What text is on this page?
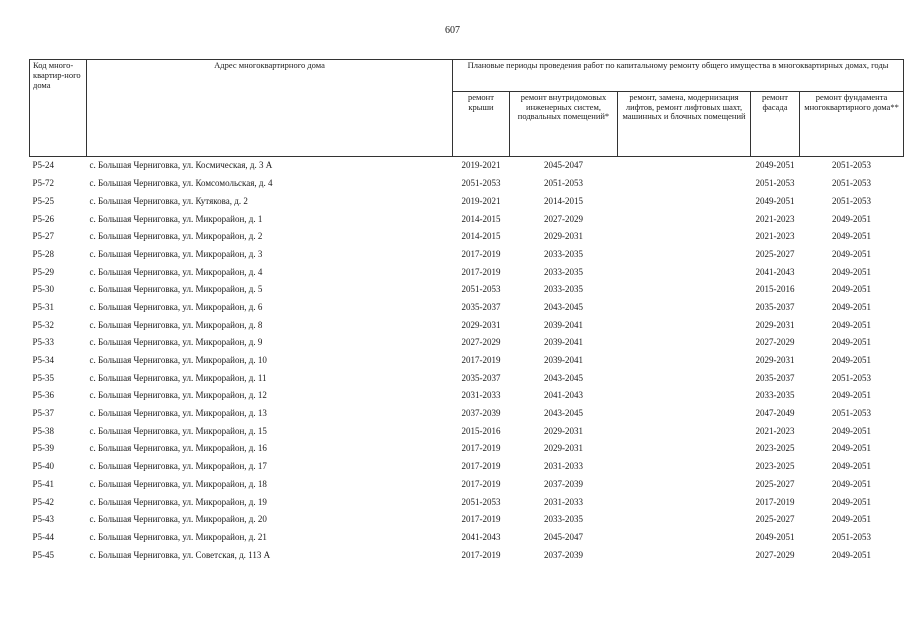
607
Код много-квартир-ного дома	Адрес многоквартирного дома	Плановые периоды проведения работ по капитальному ремонту общего имущества в многоквартирных домах, годы				
		ремонт крыши	ремонт внутридомовых инженерных систем, подвальных помещений*	ремонт, замена, модернизация лифтов, ремонт лифтовых шахт, машинных и блочных помещений	ремонт фасада	ремонт фундамента многоквартирного дома**
P5-24	с. Большая Черниговка, ул. Космическая, д. 3 А	2019-2021	2045-2047		2049-2051	2051-2053
P5-72	с. Большая Черниговка, ул. Комсомольская, д. 4	2051-2053	2051-2053		2051-2053	2051-2053
P5-25	с. Большая Черниговка, ул. Кутякова, д. 2	2019-2021	2014-2015		2049-2051	2051-2053
P5-26	с. Большая Черниговка, ул. Микрорайон, д. 1	2014-2015	2027-2029		2021-2023	2049-2051
P5-27	с. Большая Черниговка, ул. Микрорайон, д. 2	2014-2015	2029-2031		2021-2023	2049-2051
P5-28	с. Большая Черниговка, ул. Микрорайон, д. 3	2017-2019	2033-2035		2025-2027	2049-2051
P5-29	с. Большая Черниговка, ул. Микрорайон, д. 4	2017-2019	2033-2035		2041-2043	2049-2051
P5-30	с. Большая Черниговка, ул. Микрорайон, д. 5	2051-2053	2033-2035		2015-2016	2049-2051
P5-31	с. Большая Черниговка, ул. Микрорайон, д. 6	2035-2037	2043-2045		2035-2037	2049-2051
P5-32	с. Большая Черниговка, ул. Микрорайон, д. 8	2029-2031	2039-2041		2029-2031	2049-2051
P5-33	с. Большая Черниговка, ул. Микрорайон, д. 9	2027-2029	2039-2041		2027-2029	2049-2051
P5-34	с. Большая Черниговка, ул. Микрорайон, д. 10	2017-2019	2039-2041		2029-2031	2049-2051
P5-35	с. Большая Черниговка, ул. Микрорайон, д. 11	2035-2037	2043-2045		2035-2037	2051-2053
P5-36	с. Большая Черниговка, ул. Микрорайон, д. 12	2031-2033	2041-2043		2033-2035	2049-2051
P5-37	с. Большая Черниговка, ул. Микрорайон, д. 13	2037-2039	2043-2045		2047-2049	2051-2053
P5-38	с. Большая Черниговка, ул. Микрорайон, д. 15	2015-2016	2029-2031		2021-2023	2049-2051
P5-39	с. Большая Черниговка, ул. Микрорайон, д. 16	2017-2019	2029-2031		2023-2025	2049-2051
P5-40	с. Большая Черниговка, ул. Микрорайон, д. 17	2017-2019	2031-2033		2023-2025	2049-2051
P5-41	с. Большая Черниговка, ул. Микрорайон, д. 18	2017-2019	2037-2039		2025-2027	2049-2051
P5-42	с. Большая Черниговка, ул. Микрорайон, д. 19	2051-2053	2031-2033		2017-2019	2049-2051
P5-43	с. Большая Черниговка, ул. Микрорайон, д. 20	2017-2019	2033-2035		2025-2027	2049-2051
P5-44	с. Большая Черниговка, ул. Микрорайон, д. 21	2041-2043	2045-2047		2049-2051	2051-2053
P5-45	с. Большая Черниговка, ул. Советская, д. 113 А	2017-2019	2037-2039		2027-2029	2049-2051
